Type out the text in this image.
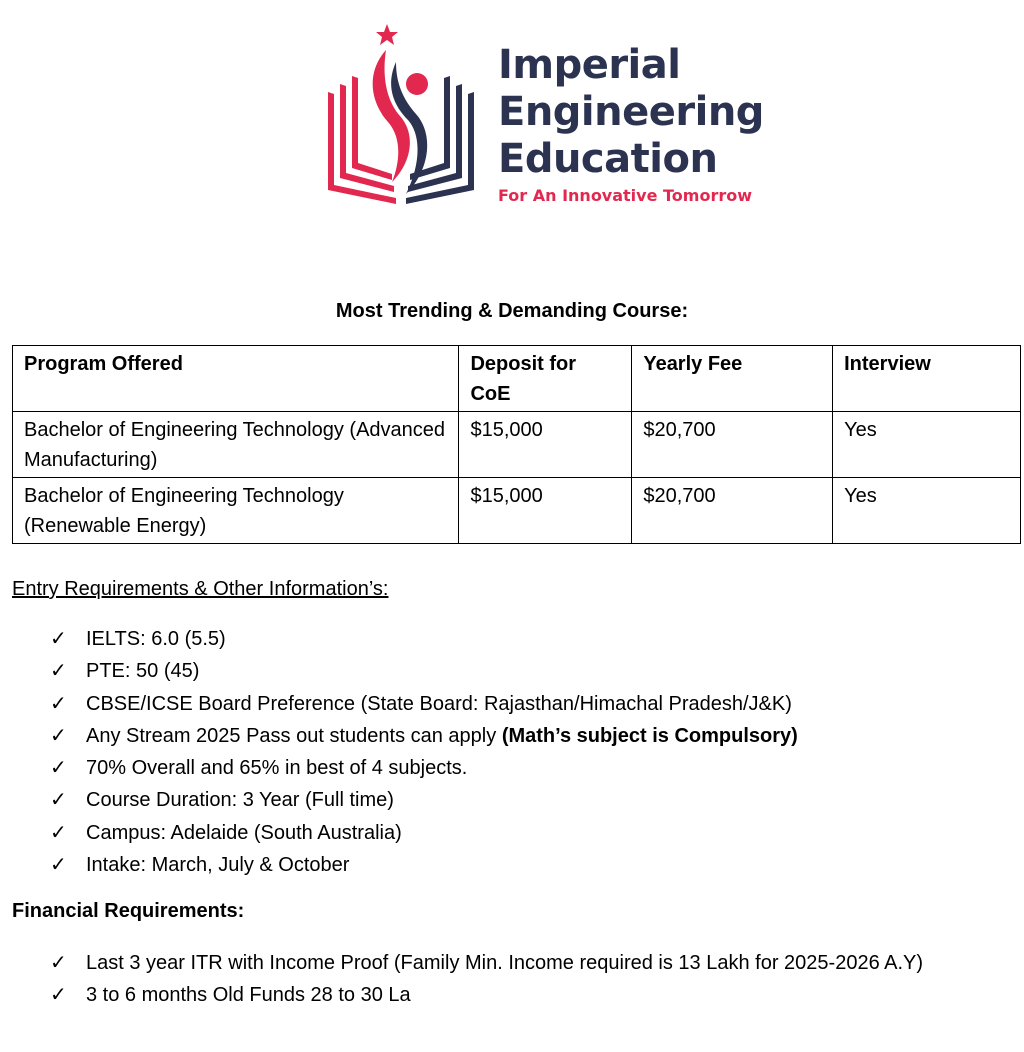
Imperial
Engineering
Education
For An Innovative Tomorrow
Most Trending & Demanding Course:
Program Offered	Deposit for CoE	Yearly Fee	Interview
Bachelor of Engineering Technology (Advanced Manufacturing)	$15,000	$20,700	Yes
Bachelor of Engineering Technology (Renewable Energy)	$15,000	$20,700	Yes
Entry Requirements & Other Information’s:
✓ IELTS: 6.0 (5.5)
✓ PTE: 50 (45)
✓ CBSE/ICSE Board Preference (State Board: Rajasthan/Himachal Pradesh/J&K)
✓ Any Stream 2025 Pass out students can apply (Math’s subject is Compulsory)
✓ 70% Overall and 65% in best of 4 subjects.
✓ Course Duration: 3 Year (Full time)
✓ Campus: Adelaide (South Australia)
✓ Intake: March, July & October
Financial Requirements:
✓ Last 3 year ITR with Income Proof (Family Min. Income required is 13 Lakh for 2025-2026 A.Y)
✓ 3 to 6 months Old Funds 28 to 30 La
